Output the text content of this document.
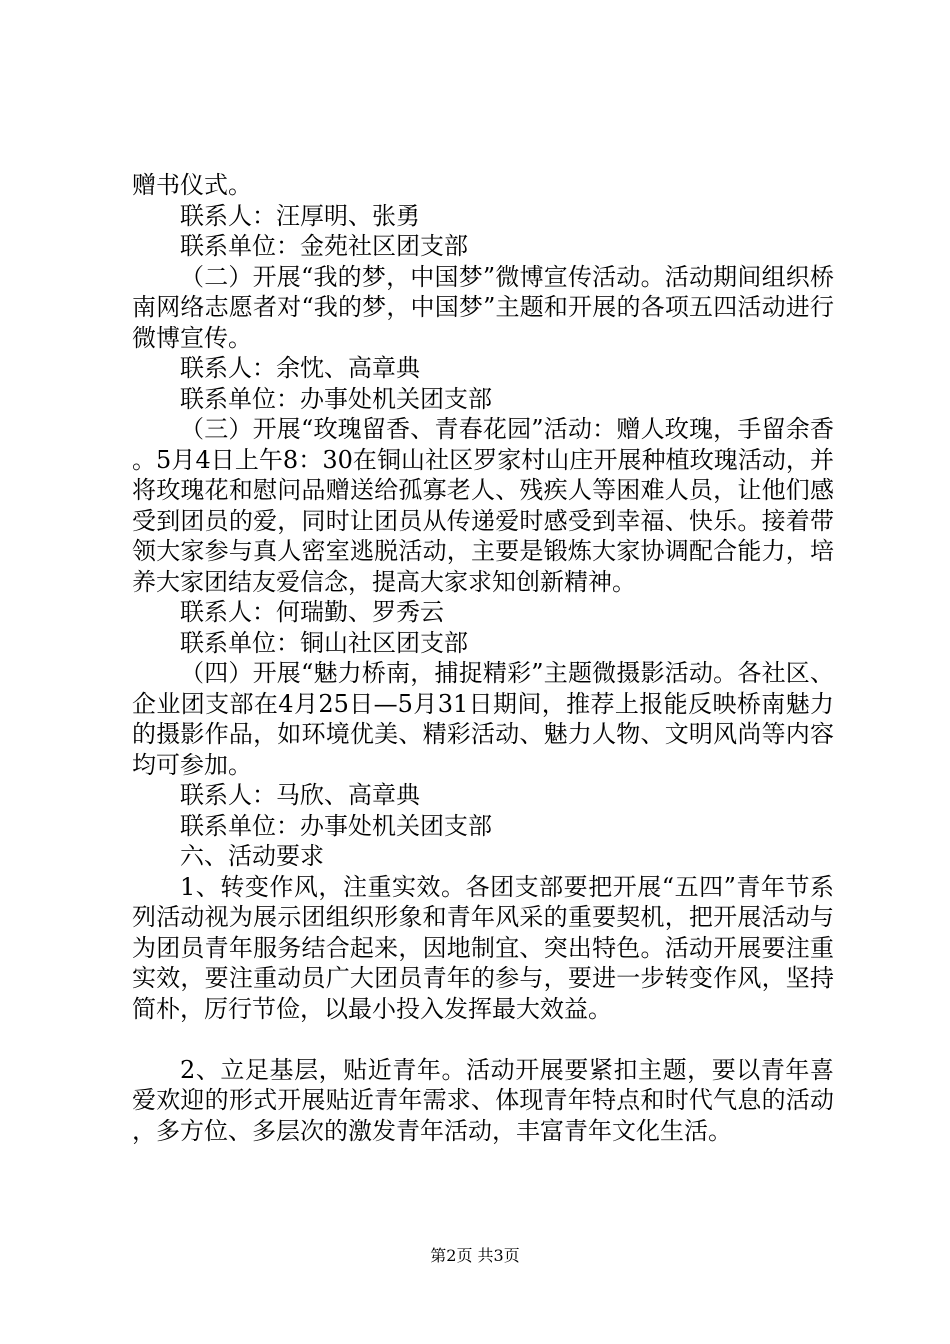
赠书仪式。
联系人：汪厚明、张勇
联系单位：金苑社区团支部

（二）开展“我的梦，中国梦”微博宣传活动。活动期间组织桥南网络志愿者对“我的梦，中国梦”主题和开展的各项五四活动进行微博宣传。

联系人：余忱、高章典
联系单位：办事处机关团支部

（三）开展“玫瑰留香、青春花园”活动：赠人玫瑰，手留余香。5月4日上午8：30在铜山社区罗家村山庄开展种植玫瑰活动，并将玫瑰花和慰问品赠送给孤寡老人、残疾人等困难人员，让他们感受到团员的爱，同时让团员从传递爱时感受到幸福、快乐。接着带领大家参与真人密室逃脱活动，主要是锻炼大家协调配合能力，培养大家团结友爱信念，提高大家求知创新精神。

联系人：何瑞勤、罗秀云
联系单位：铜山社区团支部

（四）开展“魅力桥南，捕捉精彩”主题微摄影活动。各社区、企业团支部在4月25日—5月31日期间，推荐上报能反映桥南魅力的摄影作品，如环境优美、精彩活动、魅力人物、文明风尚等内容均可参加。

联系人：马欣、高章典
联系单位：办事处机关团支部
六、活动要求

1、转变作风，注重实效。各团支部要把开展“五四”青年节系列活动视为展示团组织形象和青年风采的重要契机，把开展活动与为团员青年服务结合起来，因地制宜、突出特色。活动开展要注重实效，要注重动员广大团员青年的参与，要进一步转变作风，坚持简朴，厉行节俭，以最小投入发挥最大效益。

2、立足基层，贴近青年。活动开展要紧扣主题，要以青年喜爱欢迎的形式开展贴近青年需求、体现青年特点和时代气息的活动，多方位、多层次的激发青年活动，丰富青年文化生活。

第2页 共3页
